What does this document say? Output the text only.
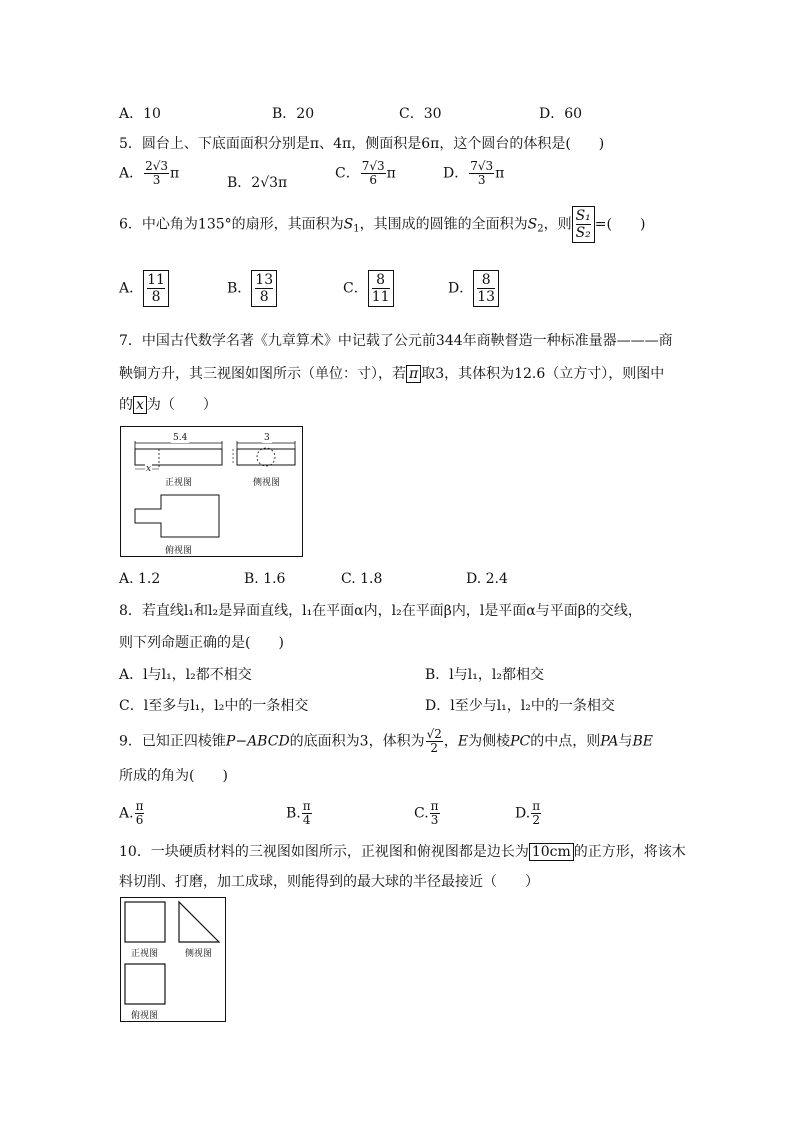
A．10	B．20	C．30	D．60
5．圆台上、下底面面积分别是π、4π，侧面积是6π，这个圆台的体积是(　　)
A． $\frac{2√3}{3}$ π
B．2√3π
C． $\frac{7√3}{6}$ π	D． $\frac{7√3}{3}$ π
6．中心角为135°的扇形，其面积为$S_1$，其围成的圆锥的全面积为$S_2$，则 $\frac{\text{S₁}}{\text{S₂}}$ =(　　)
A． $\frac{11}{8}$	B． $\frac{13}{8}$	C． $\frac{8}{11}$	D． $\frac{8}{13}$
7．中国古代数学名著《九章算术》中记载了公元前344年商鞅督造一种标准量器———商
鞅铜方升，其三视图如图所示（单位：寸），若 π 取3，其体积为12.6（立方寸），则图中
的 x 为（　　）
5.4	3
x
正视图	侧视图
俯视图
A. 1.2	B. 1.6	C. 1.8	D. 2.4
8．若直线l₁和l₂是异面直线，l₁在平面α内，l₂在平面β内，l是平面α与平面β的交线，
则下列命题正确的是(　　)
A．l与l₁，l₂都不相交	B．l与l₁，l₂都相交
C．l至多与l₁，l₂中的一条相交	D．l至少与l₁，l₂中的一条相交
9．已知正四棱锥P−ABCD的底面积为3，体积为 $\frac{√2}{2}$ ，E为侧棱PC的中点，则PA与BE
所成的角为(　　)
A. $\frac{\pi}{6}$	B. $\frac{\pi}{4}$	C. $\frac{\pi}{3}$	D. $\frac{\pi}{2}$
10．一块硬质材料的三视图如图所示，正视图和俯视图都是边长为 10cm 的正方形，将该木
料切削、打磨，加工成球，则能得到的最大球的半径最接近（　　）
正视图	侧视图
俯视图
